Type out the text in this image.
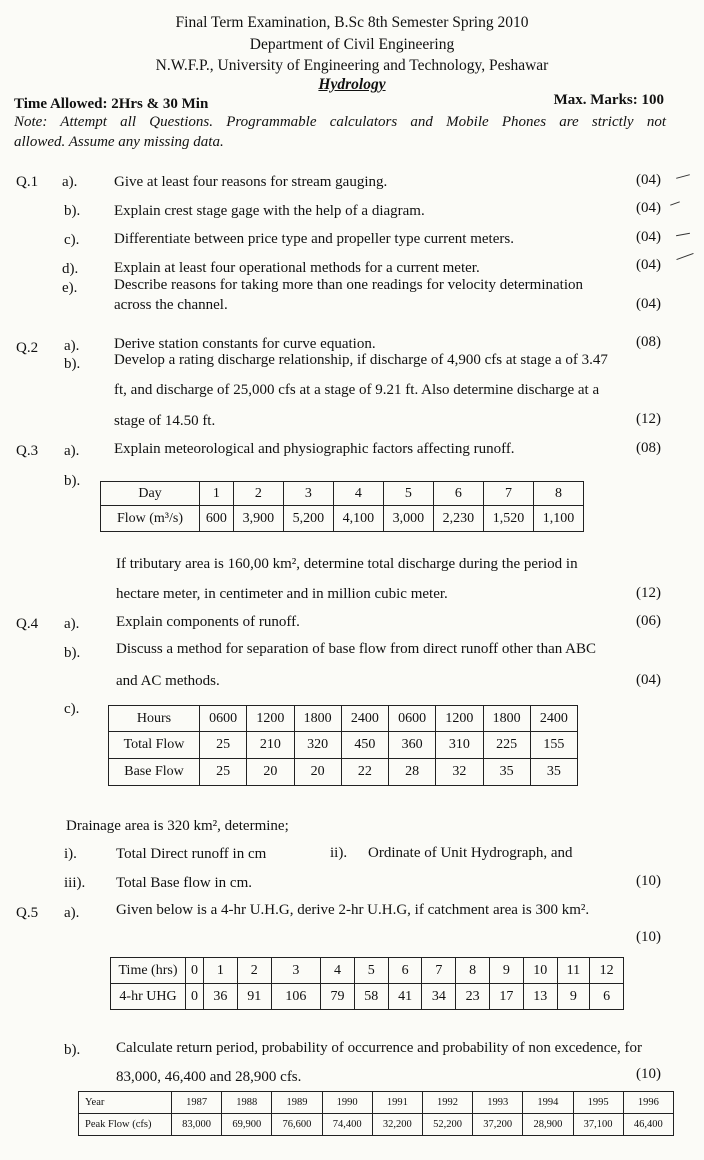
Final Term Examination, B.Sc 8th Semester Spring 2010
Department of Civil Engineering
N.W.F.P., University of Engineering and Technology, Peshawar
Hydrology
Time Allowed: 2Hrs & 30 Min	Max. Marks: 100
Note: Attempt all Questions. Programmable calculators and Mobile Phones are strictly not
allowed. Assume any missing data.
Q.1 a). Give at least four reasons for stream gauging.	(04)
b). Explain crest stage gage with the help of a diagram.	(04)
c). Differentiate between price type and propeller type current meters.	(04)
d). Explain at least four operational methods for a current meter.	(04)
e). Describe reasons for taking more than one readings for velocity determination
across the channel.	(04)
Q.2 a). Derive station constants for curve equation.	(08)
b). Develop a rating discharge relationship, if discharge of 4,900 cfs at stage a of 3.47
ft, and discharge of 25,000 cfs at a stage of 9.21 ft. Also determine discharge at a
stage of 14.50 ft.	(12)
Q.3 a). Explain meteorological and physiographic factors affecting runoff.	(08)
b).
Day	1	2	3	4	5	6	7	8
Flow (m³/s)	600	3,900	5,200	4,100	3,000	2,230	1,520	1,100
If tributary area is 160,00 km², determine total discharge during the period in
hectare meter, in centimeter and in million cubic meter.	(12)
Q.4 a). Explain components of runoff.	(06)
b). Discuss a method for separation of base flow from direct runoff other than ABC
and AC methods.	(04)
c).
Hours	0600	1200	1800	2400	0600	1200	1800	2400
Total Flow	25	210	320	450	360	310	225	155
Base Flow	25	20	20	22	28	32	35	35
Drainage area is 320 km², determine;
i).	Total Direct runoff in cm	ii). Ordinate of Unit Hydrograph, and
iii). Total Base flow in cm.	(10)
Q.5 a). Given below is a 4-hr U.H.G, derive 2-hr U.H.G, if catchment area is 300 km².
(10)
Time (hrs)	0	1	2	3	4	5	6	7	8	9	10	11	12
4-hr UHG	0	36	91	106	79	58	41	34	23	17	13	9	6
b). Calculate return period, probability of occurrence and probability of non excedence, for
83,000, 46,400 and 28,900 cfs.	(10)
Year	1987	1988	1989	1990	1991	1992	1993	1994	1995	1996
Peak Flow (cfs)	83,000	69,900	76,600	74,400	32,200	52,200	37,200	28,900	37,100	46,400
